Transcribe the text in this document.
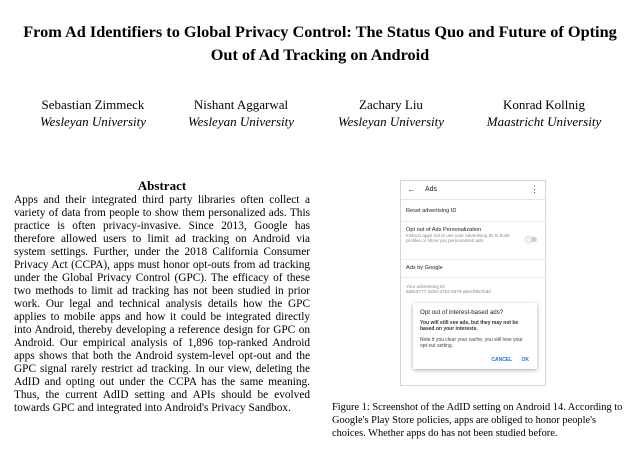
From Ad Identifiers to Global Privacy Control: The Status Quo and Future of Opting Out of Ad Tracking on Android
Sebastian Zimmeck
Wesleyan University
Nishant Aggarwal
Wesleyan University
Zachary Liu
Wesleyan University
Konrad Kollnig
Maastricht University
Abstract
Apps and their integrated third party libraries often collect a variety of data from people to show them personalized ads. This practice is often privacy-invasive. Since 2013, Google has therefore allowed users to limit ad tracking on Android via system settings. Further, under the 2018 California Consumer Privacy Act (CCPA), apps must honor opt-outs from ad tracking under the Global Privacy Control (GPC). The efficacy of these two methods to limit ad tracking has not been studied in prior work. Our legal and technical analysis details how the GPC applies to mobile apps and how it could be integrated directly into Android, thereby developing a reference design for GPC on Android. Our empirical analysis of 1,896 top-ranked Android apps shows that both the Android system-level opt-out and the GPC signal rarely restrict ad tracking. In our view, deleting the AdID and opting out under the CCPA has the same meaning. Thus, the current AdID setting and APIs should be evolved towards GPC and integrated into Android's Privacy Sandbox.
← Ads	⋮
Reset advertising ID
Opt out of Ads Personalization
Instruct apps not to use your advertising ID to build profiles or show you personalized ads.
Ads by Google
Your advertising ID
9d9c5777-32b0-47b2-8379-a5ecf9fa7bdd
Opt out of interest-based ads?
You will still see ads, but they may not be based on your interests.
Note if you clear your cache, you will lose your opt-out setting.
CANCEL OK
Figure 1: Screenshot of the AdID setting on Android 14. According to Google's Play Store policies, apps are obliged to honor people's choices. Whether apps do has not been studied before.
